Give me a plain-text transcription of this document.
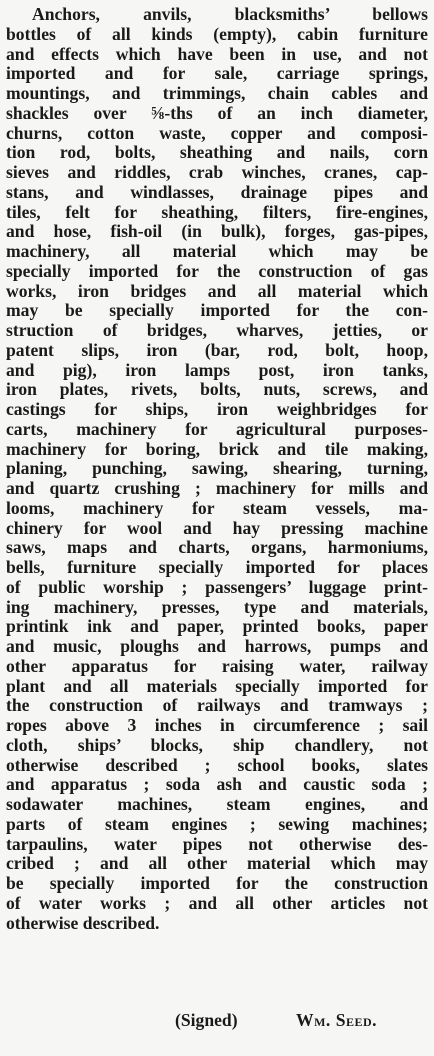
Anchors, anvils, blacksmiths’ bellows
bottles of all kinds (empty), cabin furniture
and effects which have been in use, and not
imported and for sale, carriage springs,
mountings, and trimmings, chain cables and
shackles over ⅝-ths of an inch diameter,
churns, cotton waste, copper and composi-
tion rod, bolts, sheathing and nails, corn
sieves and riddles, crab winches, cranes, cap-
stans, and windlasses, drainage pipes and
tiles, felt for sheathing, filters, fire-engines,
and hose, fish-oil (in bulk), forges, gas-pipes,
machinery, all material which may be
specially imported for the construction of gas
works, iron bridges and all material which
may be specially imported for the con-
struction of bridges, wharves, jetties, or
patent slips, iron (bar, rod, bolt, hoop,
and pig), iron lamps post, iron tanks,
iron plates, rivets, bolts, nuts, screws, and
castings for ships, iron weighbridges for
carts, machinery for agricultural purposes-
machinery for boring, brick and tile making,
planing, punching, sawing, shearing, turning,
and quartz crushing ; machinery for mills and
looms, machinery for steam vessels, ma-
chinery for wool and hay pressing machine
saws, maps and charts, organs, harmoniums,
bells, furniture specially imported for places
of public worship ; passengers’ luggage print-
ing machinery, presses, type and materials,
printink ink and paper, printed books, paper
and music, ploughs and harrows, pumps and
other apparatus for raising water, railway
plant and all materials specially imported for
the construction of railways and tramways ;
ropes above 3 inches in circumference ; sail
cloth, ships’ blocks, ship chandlery, not
otherwise described ; school books, slates
and apparatus ; soda ash and caustic soda ;
sodawater machines, steam engines, and
parts of steam engines ; sewing machines;
tarpaulins, water pipes not otherwise des-
cribed ; and all other material which may
be specially imported for the construction
of water works ; and all other articles not
otherwise described.
(Signed)	Wm. Seed.
